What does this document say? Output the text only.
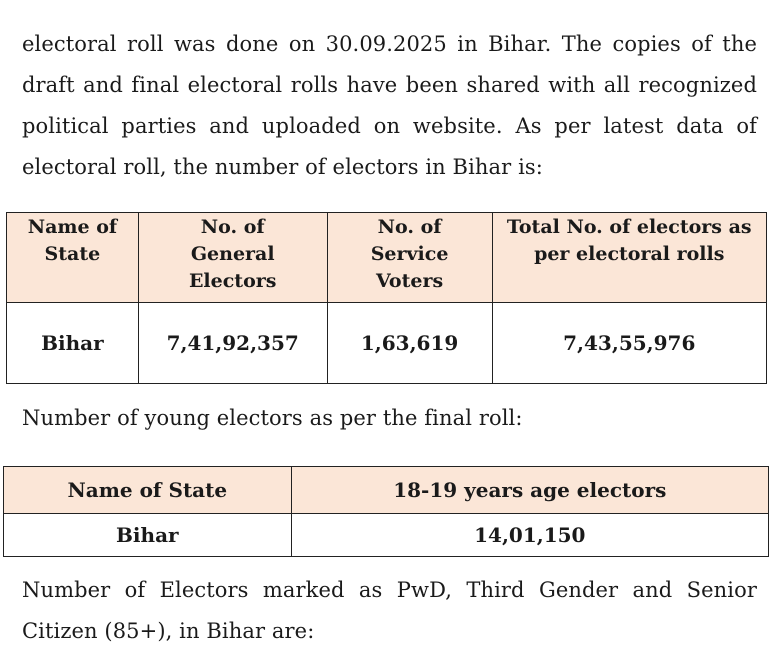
electoral roll was done on 30.09.2025 in Bihar. The copies of the draft and final electoral rolls have been shared with all recognized political parties and uploaded on website. As per latest data of electoral roll, the number of electors in Bihar is:

Name of State	No. of General Electors	No. of Service Voters	Total No. of electors as per electoral rolls
Bihar	7,41,92,357	1,63,619	7,43,55,976

Number of young electors as per the final roll:

Name of State	18-19 years age electors
Bihar	14,01,150

Number of Electors marked as PwD, Third Gender and Senior Citizen (85+), in Bihar are:
